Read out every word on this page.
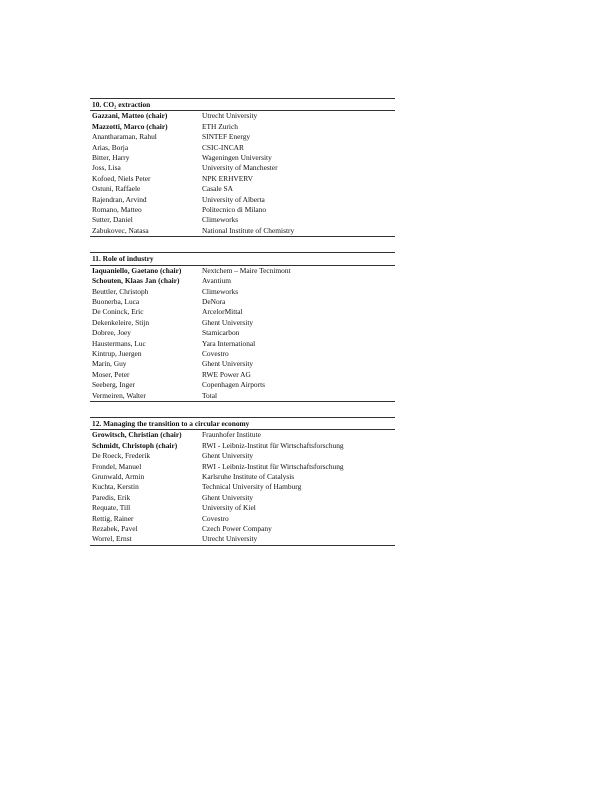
10. CO₂ extraction	
Gazzani, Matteo (chair)	Utrecht University
Mazzotti, Marco (chair)	ETH Zurich
Anantharaman, Rahul	SINTEF Energy
Arias, Borja	CSIC-INCAR
Bitter, Harry	Wageningen University
Joss, Lisa	University of Manchester
Kofoed, Niels Peter	NPK ERHVERV
Ostuni, Raffaele	Casale SA
Rajendran, Arvind	University of Alberta
Romano, Matteo	Politecnico di Milano
Sutter, Daniel	Climeworks
Zabukovec, Natasa	National Institute of Chemistry
11. Role of industry	
Iaquaniello, Gaetano (chair)	Nextchem – Maire Tecnimont
Schouten, Klaas Jan (chair)	Avantium
Beuttler, Christoph	Climeworks
Buonerba, Luca	DeNora
De Coninck, Eric	ArcelorMittal
Dekenkeleire, Stijn	Ghent University
Dobree, Joey	Stamicarbon
Haustermans, Luc	Yara International
Kintrup, Juergen	Covestro
Marin, Guy	Ghent University
Moser, Peter	RWE Power AG
Seeberg, Inger	Copenhagen Airports
Vermeiren, Walter	Total
12. Managing the transition to a circular economy	
Growitsch, Christian (chair)	Fraunhofer Institute
Schmidt, Christoph (chair)	RWI - Leibniz-Institut für Wirtschaftsforschung
De Roeck, Frederik	Ghent University
Frondel, Manuel	RWI - Leibniz-Institut für Wirtschaftsforschung
Grunwald, Armin	Karlsruhe Institute of Catalysis
Kuchta, Kerstin	Technical University of Hamburg
Paredis, Erik	Ghent University
Requate, Till	University of Kiel
Rettig, Rainer	Covestro
Rezabek, Pavel	Czech Power Company
Worrel, Ernst	Utrecht University
